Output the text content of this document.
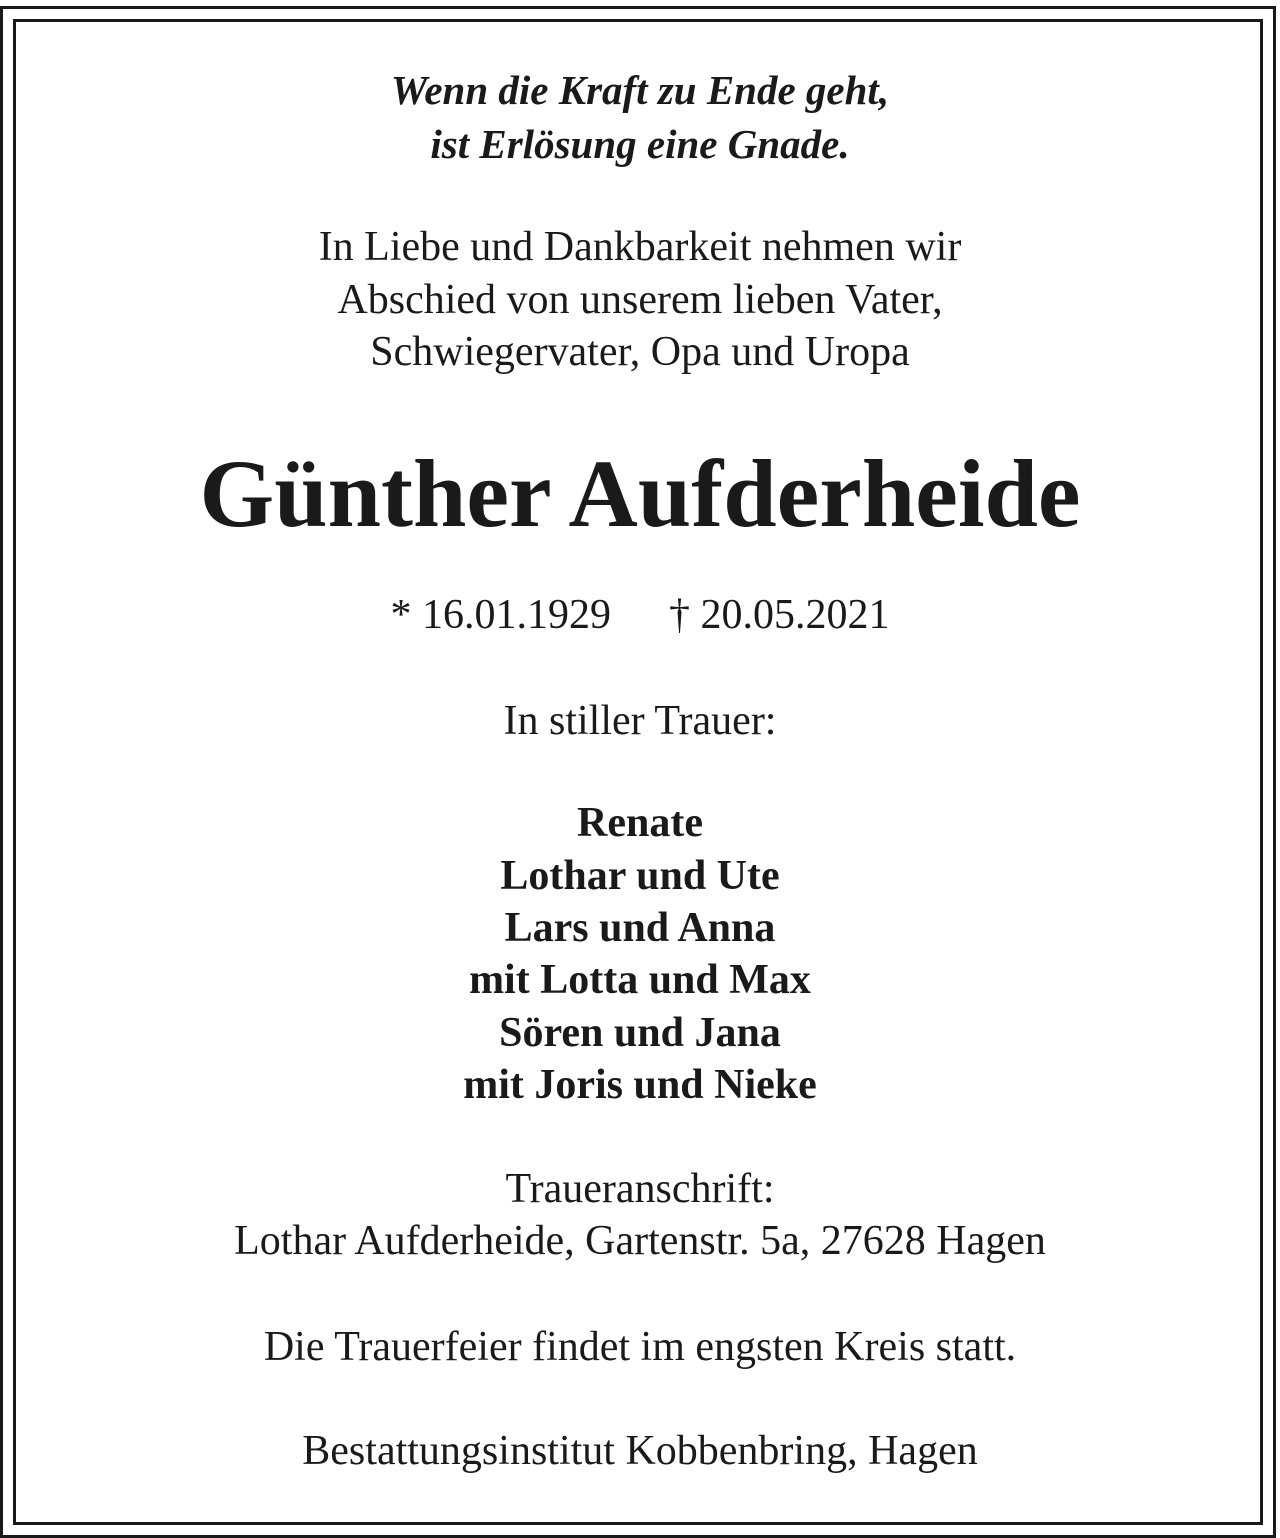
Wenn die Kraft zu Ende geht,
ist Erlösung eine Gnade.
In Liebe und Dankbarkeit nehmen wir
Abschied von unserem lieben Vater,
Schwiegervater, Opa und Uropa
Günther Aufderheide
* 16.01.1929 † 20.05.2021
In stiller Trauer:
Renate
Lothar und Ute
Lars und Anna
mit Lotta und Max
Sören und Jana
mit Joris und Nieke
Traueranschrift:
Lothar Aufderheide, Gartenstr. 5a, 27628 Hagen
Die Trauerfeier findet im engsten Kreis statt.
Bestattungsinstitut Kobbenbring, Hagen
